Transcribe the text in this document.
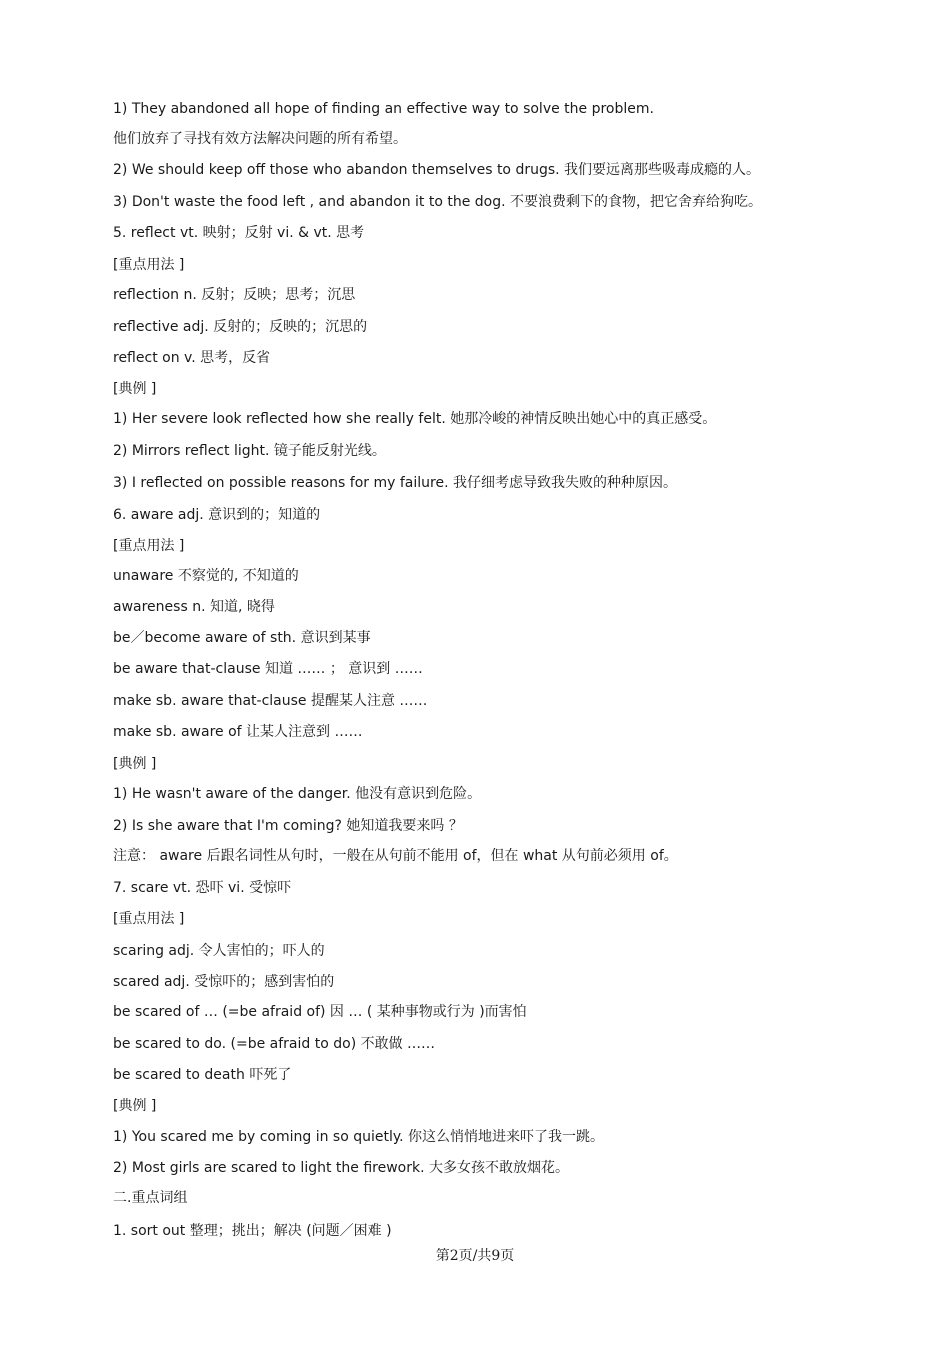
1) They abandoned all hope of finding an effective way to solve the problem.
他们放弃了寻找有效方法解决问题的所有希望。
2) We should keep off those who abandon themselves to drugs. 我们要远离那些吸毒成瘾的人。
3) Don't waste the food left , and abandon it to the dog. 不要浪费剩下的食物，把它舍弃给狗吃。
5. reflect vt. 映射；反射 vi. & vt. 思考
[重点用法 ]
reflection n. 反射；反映；思考；沉思
reflective adj. 反射的；反映的；沉思的
reflect on v. 思考，反省
[典例 ]
1) Her severe look reflected how she really felt. 她那冷峻的神情反映出她心中的真正感受。
2) Mirrors reflect light. 镜子能反射光线。
3) I reflected on possible reasons for my failure. 我仔细考虑导致我失败的种种原因。
6. aware adj. 意识到的；知道的
[重点用法 ]
unaware 不察觉的, 不知道的
awareness n. 知道, 晓得
be／become aware of sth. 意识到某事
be aware that-clause 知道 …… ； 意识到 ……
make sb. aware that-clause 提醒某人注意 ……
make sb. aware of 让某人注意到 ……
[典例 ]
1) He wasn't aware of the danger. 他没有意识到危险。
2) Is she aware that I'm coming? 她知道我要来吗 ？
注意： aware 后跟名词性从句时，一般在从句前不能用 of，但在 what 从句前必须用 of。
7. scare vt. 恐吓 vi. 受惊吓
[重点用法 ]
scaring adj. 令人害怕的；吓人的
scared adj. 受惊吓的；感到害怕的
be scared of … (=be afraid of) 因 … ( 某种事物或行为 )而害怕
be scared to do. (=be afraid to do) 不敢做 ……
be scared to death 吓死了
[典例 ]
1) You scared me by coming in so quietly. 你这么悄悄地进来吓了我一跳。
2) Most girls are scared to light the firework. 大多女孩不敢放烟花。
二.重点词组
1. sort out 整理；挑出；解决 (问题／困难 )
第2页/共9页
